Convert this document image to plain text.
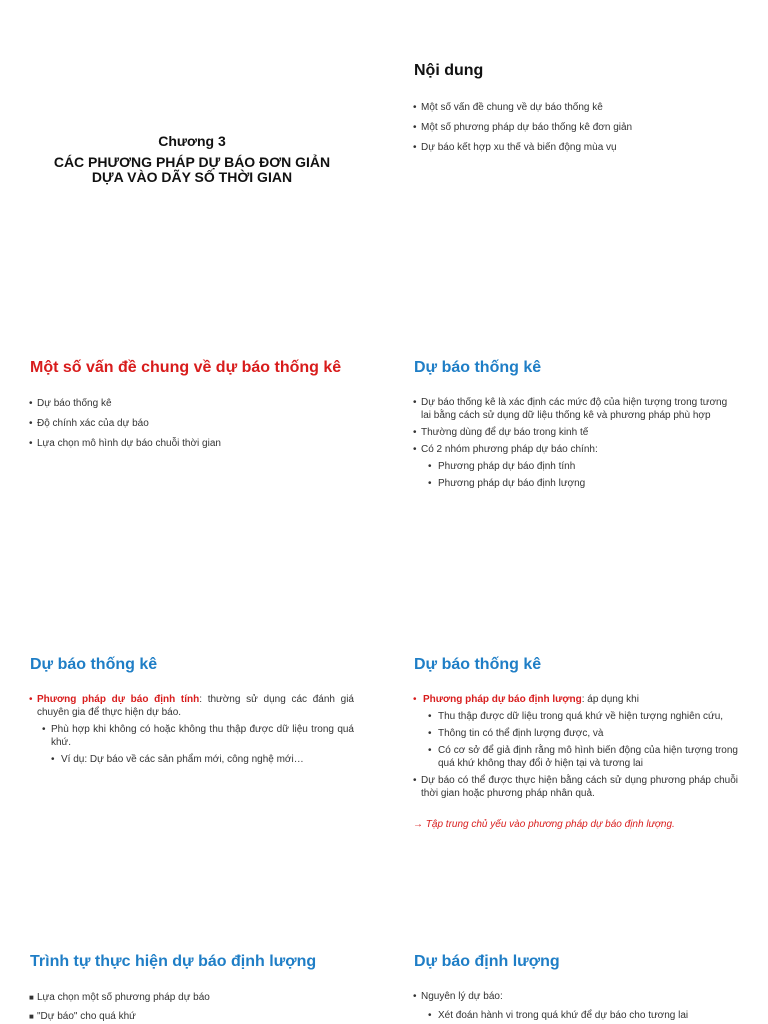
Chương 3
CÁC PHƯƠNG PHÁP DỰ BÁO ĐƠN GIẢN
DỰA VÀO DÃY SỐ THỜI GIAN
Nội dung
• Một số vấn đề chung về dự báo thống kê
• Một số phương pháp dự báo thống kê đơn giản
• Dự báo kết hợp xu thế và biến động mùa vụ
Một số vấn đề chung về dự báo thống kê
• Dự báo thống kê
• Độ chính xác của dự báo
• Lựa chọn mô hình dự báo chuỗi thời gian
Dự báo thống kê
• Dự báo thống kê là xác định các mức độ của hiện tượng trong tương lai bằng cách sử dụng dữ liệu thống kê và phương pháp phù hợp
• Thường dùng để dự báo trong kinh tế
• Có 2 nhóm phương pháp dự báo chính:
• Phương pháp dự báo định tính
• Phương pháp dự báo định lượng
Dự báo thống kê
• Phương pháp dự báo định tính: thường sử dụng các đánh giá chuyên gia để thực hiện dự báo.
• Phù hợp khi không có hoặc không thu thập được dữ liệu trong quá khứ.
• Ví dụ: Dự báo về các sản phẩm mới, công nghệ mới…
Dự báo thống kê
• Phương pháp dự báo định lượng: áp dụng khi
• Thu thập được dữ liệu trong quá khứ về hiện tượng nghiên cứu,
• Thông tin có thể định lượng được, và
• Có cơ sở để giả định rằng mô hình biến động của hiện tượng trong quá khứ không thay đổi ở hiện tại và tương lai
• Dự báo có thể được thực hiện bằng cách sử dụng phương pháp chuỗi thời gian hoặc phương pháp nhân quả.
→ Tập trung chủ yếu vào phương pháp dự báo định lượng.
Trình tự thực hiện dự báo định lượng
■ Lựa chọn một số phương pháp dự báo
■ "Dự báo" cho quá khứ
Dự báo định lượng
• Nguyên lý dự báo:
• Xét đoán hành vi trong quá khứ để dự báo cho tương lai
